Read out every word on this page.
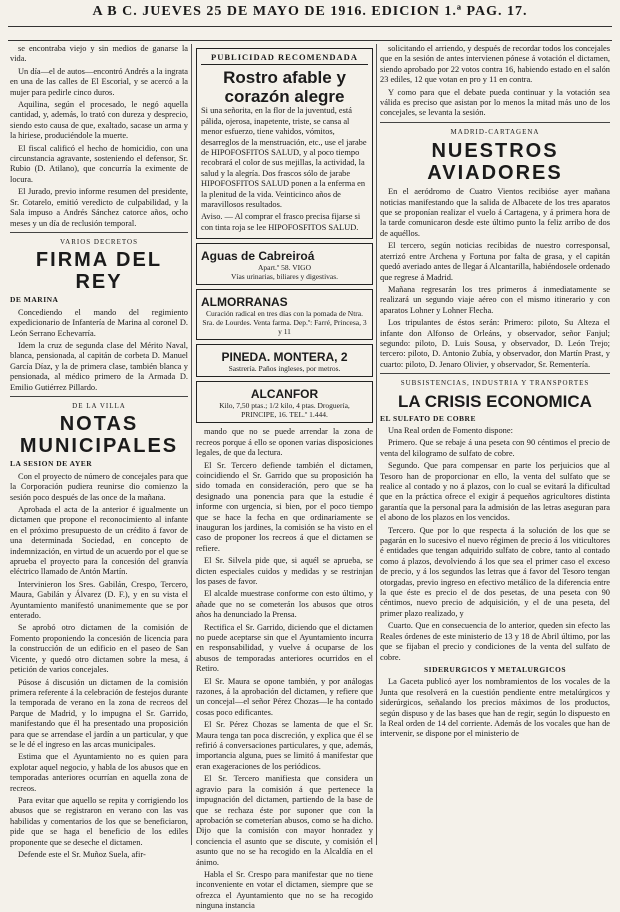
A B C. JUEVES 25 DE MAYO DE 1916. EDICION 1.ª PAG. 17.

se encontraba viejo y sin medios de ganarse la vida.

Un día—el de autos—encontró Andrés a la ingrata en una de las calles de El Escorial, y se acercó a la mujer para pedirle cinco duros.

Aquilina, según el procesado, le negó aquella cantidad, y, además, lo trató con dureza y desprecio, siendo esto causa de que, exaltado, sacase un arma y la hiriese, produciéndole la muerte.

El fiscal calificó el hecho de homicidio, con una circunstancia agravante, sosteniendo el defensor, Sr. Rubio (D. Atilano), que concurría la eximente de locura.

El Jurado, previo informe resumen del presidente, Sr. Cotarelo, emitió veredicto de culpabilidad, y la Sala impuso a Andrés Sánchez catorce años, ocho meses y un día de reclusión temporal.

VARIOS DECRETOS

FIRMA DEL REY
DE MARINA

Concediendo el mando del regimiento expedicionario de Infantería de Marina al coronel D. León Serrano Echevarría.

Idem la cruz de segunda clase del Mérito Naval, blanca, pensionada, al capitán de corbeta D. Manuel García Díaz, y la de primera clase, también blanca y pensionada, al médico primero de la Armada D. Emilio Gutiérrez Pillardo.

DE LA VILLA

NOTAS MUNICIPALES
LA SESION DE AYER

Con el proyecto de número de concejales para que la Corporación pudiera reunirse dio comienzo la sesión poco después de las once de la mañana.

Aprobada el acta de la anterior é igualmente un dictamen que propone el reconocimiento al infante en el próximo presupuesto de un crédito á favor de una determinada Sociedad, en concepto de indemnización, en virtud de un acuerdo por el que se aprueba el proyecto para la concesión del granvía eléctrico llamado de Antón Martín.

Intervinieron los Sres. Gabilán, Crespo, Tercero, Maura, Gabilán y Álvarez (D. F.), y en su vista el Ayuntamiento manifestó unanimemente que se por enterado.

Se aprobó otro dictamen de la comisión de Fomento proponiendo la concesión de licencia para la construcción de un edificio en el paseo de San Vicente, y quedó otro dictamen sobre la mesa, á petición de varios concejales.

Púsose á discusión un dictamen de la comisión primera referente á la celebración de festejos durante la temporada de verano en la zona de recreos del Parque de Madrid, y lo impugna el Sr. Garrido, manifestando que él ha presentado una proposición para que se arrendase el jardín a un particular, y que se le dé el ingreso en las arcas municipales.

Estima que el Ayuntamiento no es quien para explotar aquel negocio, y habla de los abusos que en temporadas anteriores ocurrían en aquella zona de recreos.

Para evitar que aquello se repita y corrigiendo los abusos que se registraron en verano con las vas habilidas y comentarios de los que se beneficiaron, pide que se haga el beneficio de los ediles proponente que se deseche el dictamen.

Defende este el Sr. Muñoz Suela, afir-

PUBLICIDAD RECOMENDADA

Rostro afable y corazón alegre

Si una señorita, en la flor de la juventud, está pálida, ojerosa, inapetente, triste, se cansa al menor esfuerzo, tiene vahidos, vómitos, desarreglos de la menstruación, etc., use el jarabe de HIPOFOSFITOS SALUD, y al poco tiempo recobrará el color de sus mejillas, la actividad, la salud y la alegría. Dos frascos sólo de jarabe HIPOFOSFITOS SALUD ponen a la enferma en la plenitud de la vida. Veinticinco años de maravillosos resultados.

Aviso. — Al comprar el frasco precisa fijarse si con tinta roja se lee HIPOFOSFITOS SALUD.

Aguas de Cabreiroá

Apart.º 58. VIGO

Vías urinarias, biliares y digestivas.

ALMORRANAS

Curación radical en tres días con la pomada de Ntra. Sra. de Lourdes. Venta farma. Dep.º: Farré, Princesa, 3 y 11

PINEDA. MONTERA, 2

Sastrería. Paños ingleses, por metros.

ALCANFOR

Kilo, 7,50 ptas.; 1/2 kilo, 4 ptas. Droguería, PRINCIPE, 16. TEL.º 1.444.

mando que no se puede arrendar la zona de recreos porque á ello se oponen varias disposiciones legales, de que da lectura.

El Sr. Tercero defiende también el dictamen, coincidiendo el Sr. Garrido que su proposición ha sido tomada en consideración, pero que se ha designado una ponencia para que la estudie é informe con urgencia, si bien, por el poco tiempo que se hace la fecha en que ordinariamente se inauguran los jardines, la comisión se ha visto en el caso de proponer los recreos á que el dictamen se refiere.

El Sr. Silvela pide que, si aquél se aprueba, se dicten especiales cuidos y medidas y se restrinjan los pases de favor.

El alcalde muestrase conforme con esto último, y añade que no se cometerán los abusos que otros años ha denunciado la Prensa.

Rectifica el Sr. Garrido, diciendo que el dictamen no puede aceptarse sin que el Ayuntamiento incurra en responsabilidad, y vuelve á ocuparse de los abusos de temporadas anteriores ocurridos en el Retiro.

El Sr. Maura se opone también, y por análogas razones, á la aprobación del dictamen, y refiere que un concejal—el señor Pérez Chozas—le ha contado cosas poco edificantes.

El Sr. Pérez Chozas se lamenta de que el Sr. Maura tenga tan poca discreción, y explica que él se refirió á conversaciones particulares, y que, además, importancia alguna, pues se limitó á manifestar que eran exageraciones de los periódicos.

El Sr. Tercero manifiesta que considera un agravio para la comisión á que pertenece la impugnación del dictamen, partiendo de la base de que se rechaza éste por suponer que con la aprobación se cometerían abusos, como se ha dicho. Dijo que la comisión con mayor honradez y conciencia el asunto que se discute, y comisión el asunto que no se ha recogido en la Alcaldía en el ánimo.

Habla el Sr. Crespo para manifestar que no tiene inconveniente en votar el dictamen, siempre que se ofrezca el Ayuntamiento que no se ha recogido ninguna instancia

solicitando el arriendo, y después de recordar todos los concejales que en la sesión de antes intervienen pónese á votación el dictamen, siendo aprobado por 22 votos contra 16, habiendo estado en el salón 23 ediles, 12 que votan en pro y 11 en contra.

Y como para que el debate pueda continuar y la votación sea válida es preciso que asistan por lo menos la mitad más uno de los concejales, se levanta la sesión.

MADRID-CARTAGENA

NUESTROS AVIADORES

En el aeródromo de Cuatro Vientos recibióse ayer mañana noticias manifestando que la salida de Albacete de los tres aparatos que se proponían realizar el vuelo á Cartagena, y á primera hora de la tarde comunicaron desde este último punto la feliz arribo de dos de aquéllos.

El tercero, según noticias recibidas de nuestro corresponsal, aterrizó entre Archena y Fortuna por falta de grasa, y el capitán quedó averiado antes de llegar á Alcantarilla, habiéndosele ordenado que regrese á Madrid.

Mañana regresarán los tres primeros á inmediatamente se realizará un segundo viaje aéreo con el mismo itinerario y con aparatos Lohner y Lohner Flecha.

Los tripulantes de éstos serán: Primero: piloto, Su Alteza el infante don Alfonso de Orleáns, y observador, señor Fanjul; segundo: piloto, D. Luis Sousa, y observador, D. León Trejo; tercero: piloto, D. Antonio Zubía, y observador, don Martín Prast, y cuarto: piloto, D. Jenaro Olivier, y observador, Sr. Rementería.

SUBSISTENCIAS, INDUSTRIA Y TRANSPORTES

LA CRISIS ECONOMICA
EL SULFATO DE COBRE

Una Real orden de Fomento dispone:

Primero. Que se rebaje á una peseta con 90 céntimos el precio de venta del kilogramo de sulfato de cobre.

Segundo. Que para compensar en parte los perjuicios que al Tesoro han de proporcionar en ello, la venta del sulfato que se realice al contado y no á plazos, con lo cual se evitará la dificultad que en la práctica ofrece el exigir á pequeños agricultores distinta garantía que la personal para la admisión de las letras aseguran para el abono de los plazos en los vencidos.

Tercero. Que por lo que respecta á la solución de los que se pagarán en lo sucesivo el nuevo régimen de precio á los viticultores é entidades que tengan adquirido sulfato de cobre, tanto al contado como á plazos, devolviendo á los que sea el primer caso el exceso de precio, y á los segundos las letras que á favor del Tesoro tengan otorgadas, previo ingreso en efectivo metálico de la diferencia entre la que éste es precio el de dos pesetas, de una peseta con 90 céntimos, nuevo precio de adquisición, y el de una peseta, del primer plazo realizado, y

Cuarto. Que en consecuencia de lo anterior, queden sin efecto las Reales órdenes de este ministerio de 13 y 18 de Abril último, por las que se fijaban el precio y condiciones de la venta del sulfato de cobre.

SIDERURGICOS Y METALURGICOS

La Gaceta publicó ayer los nombramientos de los vocales de la Junta que resolverá en la cuestión pendiente entre metalúrgicos y siderúrgicos, señalando los precios máximos de los productos, según dispuso y de las bases que han de regir, según lo dispuesto en la Real orden de 14 del corriente. Además de los vocales que han de intervenir, se dispone por el ministerio de
